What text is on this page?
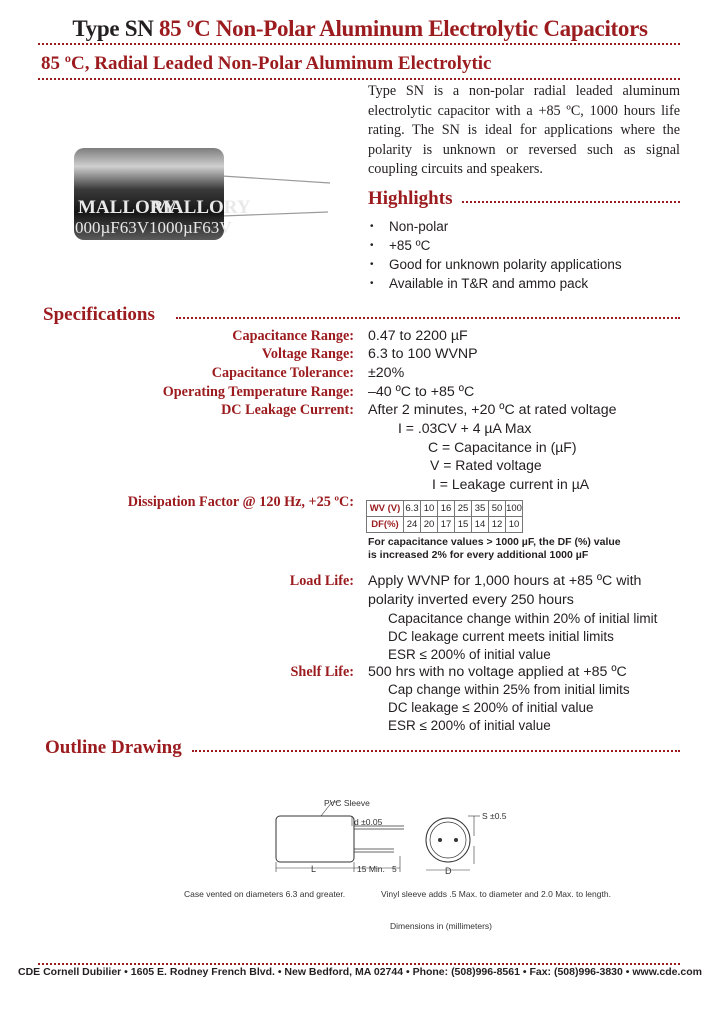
Type SN 85 ºC Non-Polar Aluminum Electrolytic Capacitors
85 ºC, Radial Leaded Non-Polar Aluminum Electrolytic
MALLORY
MALLORY
000µF63V 1000µF63V
Type SN is a non-polar radial leaded aluminum electrolytic capacitor with a +85 ºC, 1000 hours life rating. The SN is ideal for applications where the polarity is unknown or reversed such as signal coupling circuits and speakers.
Highlights
• Non-polar
• +85 ºC
• Good for unknown polarity applications
• Available in T&R and ammo pack
Specifications
Capacitance Range: 0.47 to 2200 µF
Voltage Range: 6.3 to 100 WVNP
Capacitance Tolerance: ±20%
Operating Temperature Range: –40 ºC to +85 ºC
DC Leakage Current: After 2 minutes, +20 ºC at rated voltage
I = .03CV + 4 µA Max
C = Capacitance in (µF)
V = Rated voltage
I = Leakage current in µA
Dissipation Factor @ 120 Hz, +25 ºC: WV (V)	6.3	10	16	25	35	50	100
DF(%)	24	20	17	15	14	12	10
For capacitance values > 1000 µF, the DF (%) value
is increased 2% for every additional 1000 µF
Load Life: Apply WVNP for 1,000 hours at +85 ºC with
polarity inverted every 250 hours
Capacitance change within 20% of initial limit
DC leakage current meets initial limits
ESR ≤ 200% of initial value
Shelf Life: 500 hrs with no voltage applied at +85 ºC
Cap change within 25% from initial limits
DC leakage ≤ 200% of initial value
ESR ≤ 200% of initial value
Outline Drawing
PVC Sleeve
d ±0.05
L	15 Min. 5
S ±0.5
D
Case vented on diameters 6.3 and greater.	Vinyl sleeve adds .5 Max. to diameter and 2.0 Max. to length.
Dimensions in (millimeters)
CDE Cornell Dubilier • 1605 E. Rodney French Blvd. • New Bedford, MA 02744 • Phone: (508)996-8561 • Fax: (508)996-3830 • www.cde.com
